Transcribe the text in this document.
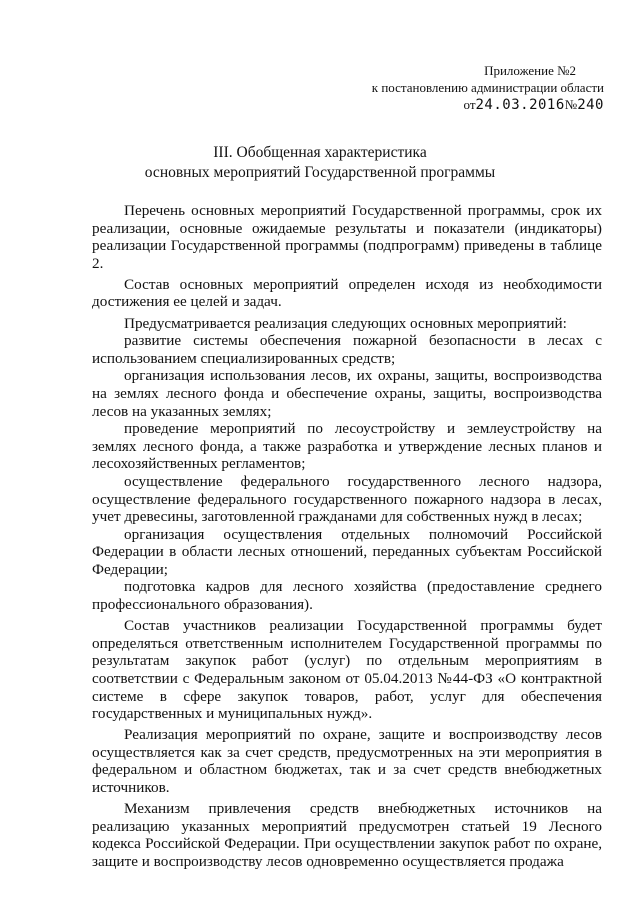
Приложение №2
к постановлению администрации области
от24.03.2016№240
III. Обобщенная характеристика
основных мероприятий Государственной программы

Перечень основных мероприятий Государственной программы, срок их реализации, основные ожидаемые результаты и показатели (индикаторы) реализации Государственной программы (подпрограмм) приведены в таблице 2.

Состав основных мероприятий определен исходя из необходимости достижения ее целей и задач.

Предусматривается реализация следующих основных мероприятий:

развитие системы обеспечения пожарной безопасности в лесах с использованием специализированных средств;

организация использования лесов, их охраны, защиты, воспроизводства на землях лесного фонда и обеспечение охраны, защиты, воспроизводства лесов на указанных землях;

проведение мероприятий по лесоустройству и землеустройству на землях лесного фонда, а также разработка и утверждение лесных планов и лесохозяйственных регламентов;

осуществление федерального государственного лесного надзора, осуществление федерального государственного пожарного надзора в лесах, учет древесины, заготовленной гражданами для собственных нужд в лесах;

организация осуществления отдельных полномочий Российской Федерации в области лесных отношений, переданных субъектам Российской Федерации;

подготовка кадров для лесного хозяйства (предоставление среднего профессионального образования).

Состав участников реализации Государственной программы будет определяться ответственным исполнителем Государственной программы по результатам закупок работ (услуг) по отдельным мероприятиям в соответствии с Федеральным законом от 05.04.2013 №44-ФЗ «О контрактной системе в сфере закупок товаров, работ, услуг для обеспечения государственных и муниципальных нужд».

Реализация мероприятий по охране, защите и воспроизводству лесов осуществляется как за счет средств, предусмотренных на эти мероприятия в федеральном и областном бюджетах, так и за счет средств внебюджетных источников.

Механизм привлечения средств внебюджетных источников на реализацию указанных мероприятий предусмотрен статьей 19 Лесного кодекса Российской Федерации. При осуществлении закупок работ по охране, защите и воспроизводству лесов одновременно осуществляется продажа
